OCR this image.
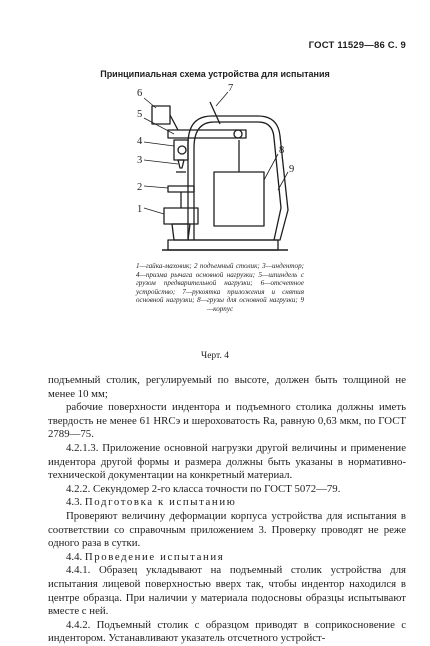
ГОСТ 11529—86 С. 9
Принципиальная схема устройства для испытания
6
5
4
3
2
1
7
8
9
1—гайка-маховик; 2 подъемный столик; 3—индентор; 4—призма рычага основной нагрузки; 5—шпиндель с грузом предварительной нагрузки; 6—отсчетное устройство; 7—рукоятка приложения и снятия основной нагрузки; 8—грузы для основной нагрузки; 9—корпус
Черт. 4

подъемный столик, регулируемый по высоте, должен быть толщиной не менее 10 мм;

рабочие поверхности индентора и подъемного столика должны иметь твердость не менее 61 HRCэ и шероховатость Ra, равную 0,63 мкм, по ГОСТ 2789—75.

4.2.1.3. Приложение основной нагрузки другой величины и применение индентора другой формы и размера должны быть указаны в нормативно-технической документации на конкретный материал.

4.2.2. Секундомер 2-го класса точности по ГОСТ 5072—79.

4.3. Подготовка к испытанию

Проверяют величину деформации корпуса устройства для испытания в соответствии со справочным приложением 3. Проверку проводят не реже одного раза в сутки.

4.4. Проведение испытания

4.4.1. Образец укладывают на подъемный столик устройства для испытания лицевой поверхностью вверх так, чтобы индентор находился в центре образца. При наличии у материала подосновы образцы испытывают вместе с ней.

4.4.2. Подъемный столик с образцом приводят в соприкосновение с индентором. Устанавливают указатель отсчетного устройст-
